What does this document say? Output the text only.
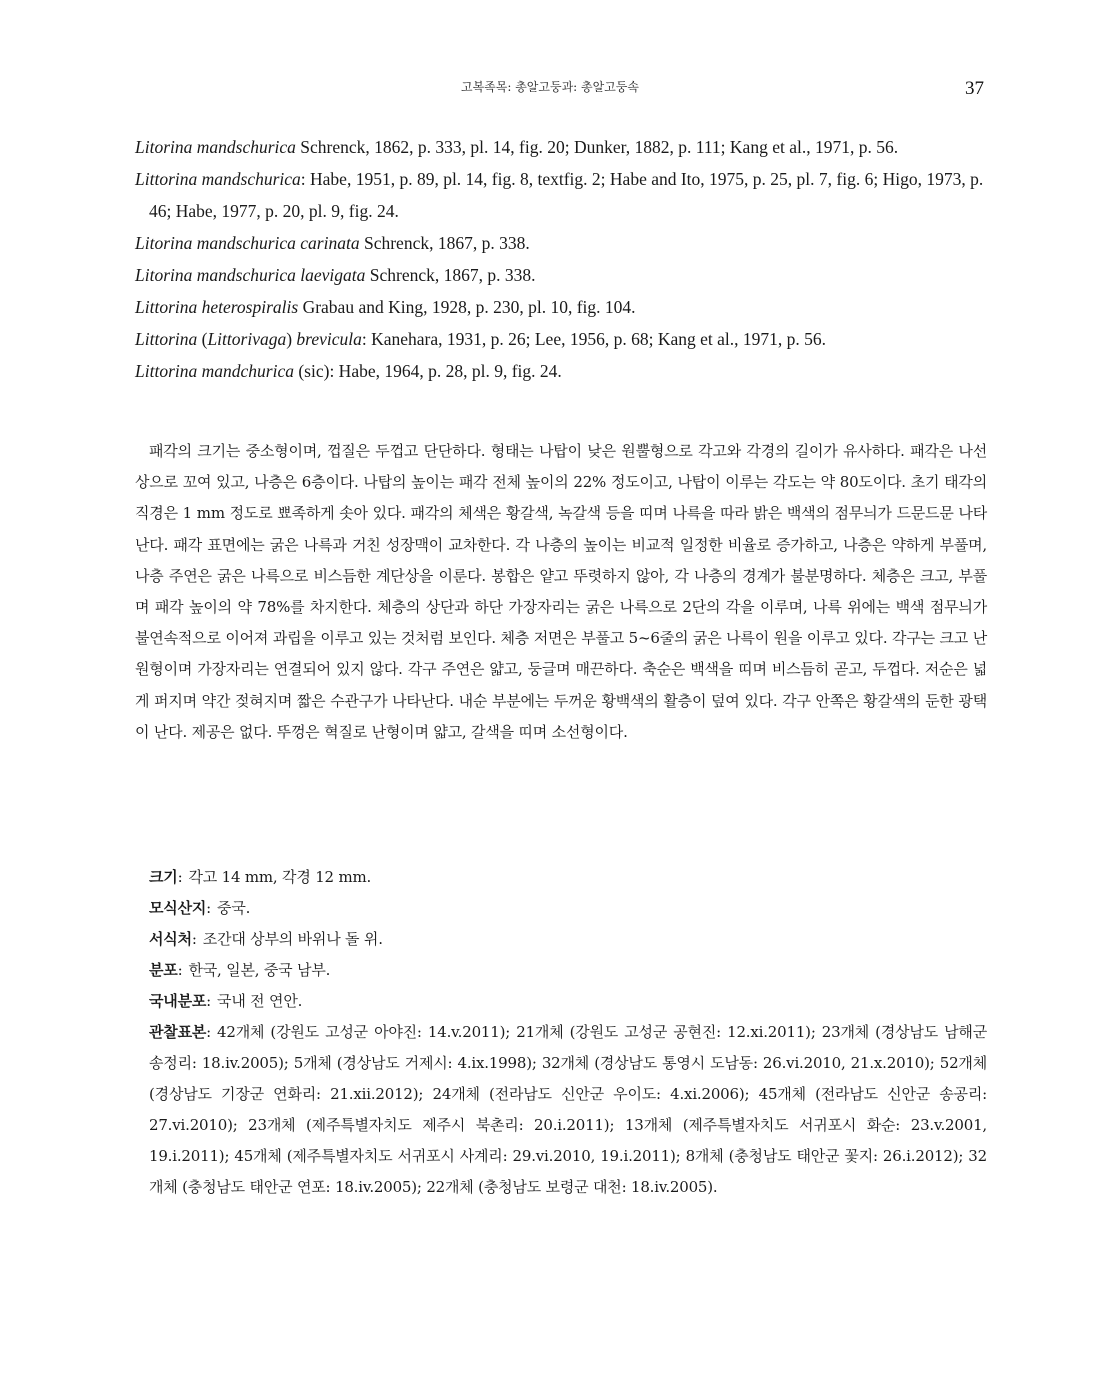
고복족목: 총알고둥과: 총알고둥속	37
Litorina mandschurica Schrenck, 1862, p. 333, pl. 14, fig. 20; Dunker, 1882, p. 111; Kang et al., 1971, p. 56.
Littorina mandschurica: Habe, 1951, p. 89, pl. 14, fig. 8, textfig. 2; Habe and Ito, 1975, p. 25, pl. 7, fig. 6; Higo, 1973, p. 46; Habe, 1977, p. 20, pl. 9, fig. 24.
Litorina mandschurica carinata Schrenck, 1867, p. 338.
Litorina mandschurica laevigata Schrenck, 1867, p. 338.
Littorina heterospiralis Grabau and King, 1928, p. 230, pl. 10, fig. 104.
Littorina (Littorivaga) brevicula: Kanehara, 1931, p. 26; Lee, 1956, p. 68; Kang et al., 1971, p. 56.
Littorina mandchurica (sic): Habe, 1964, p. 28, pl. 9, fig. 24.

패각의 크기는 중소형이며, 껍질은 두껍고 단단하다. 형태는 나탑이 낮은 원뿔형으로 각고와 각경의 길이가 유사하다. 패각은 나선상으로 꼬여 있고, 나층은 6층이다. 나탑의 높이는 패각 전체 높이의 22% 정도이고, 나탑이 이루는 각도는 약 80도이다. 초기 태각의 직경은 1 mm 정도로 뾰족하게 솟아 있다. 패각의 체색은 황갈색, 녹갈색 등을 띠며 나륵을 따라 밝은 백색의 점무늬가 드문드문 나타난다. 패각 표면에는 굵은 나륵과 거친 성장맥이 교차한다. 각 나층의 높이는 비교적 일정한 비율로 증가하고, 나층은 약하게 부풀며, 나층 주연은 굵은 나륵으로 비스듬한 계단상을 이룬다. 봉합은 얕고 뚜렷하지 않아, 각 나층의 경계가 불분명하다. 체층은 크고, 부풀며 패각 높이의 약 78%를 차지한다. 체층의 상단과 하단 가장자리는 굵은 나륵으로 2단의 각을 이루며, 나륵 위에는 백색 점무늬가 불연속적으로 이어져 과립을 이루고 있는 것처럼 보인다. 체층 저면은 부풀고 5~6줄의 굵은 나륵이 원을 이루고 있다. 각구는 크고 난원형이며 가장자리는 연결되어 있지 않다. 각구 주연은 얇고, 둥글며 매끈하다. 축순은 백색을 띠며 비스듬히 곧고, 두껍다. 저순은 넓게 퍼지며 약간 젖혀지며 짧은 수관구가 나타난다. 내순 부분에는 두꺼운 황백색의 활층이 덮여 있다. 각구 안쪽은 황갈색의 둔한 광택이 난다. 제공은 없다. 뚜껑은 혁질로 난형이며 얇고, 갈색을 띠며 소선형이다.

크기: 각고 14 mm, 각경 12 mm.
모식산지: 중국.
서식처: 조간대 상부의 바위나 돌 위.
분포: 한국, 일본, 중국 남부.
국내분포: 국내 전 연안.
관찰표본: 42개체 (강원도 고성군 아야진: 14.v.2011); 21개체 (강원도 고성군 공현진: 12.xi.2011); 23개체 (경상남도 남해군 송정리: 18.iv.2005); 5개체 (경상남도 거제시: 4.ix.1998); 32개체 (경상남도 통영시 도남동: 26.vi.2010, 21.x.2010); 52개체 (경상남도 기장군 연화리: 21.xii.2012); 24개체 (전라남도 신안군 우이도: 4.xi.2006); 45개체 (전라남도 신안군 송공리: 27.vi.2010); 23개체 (제주특별자치도 제주시 북촌리: 20.i.2011); 13개체 (제주특별자치도 서귀포시 화순: 23.v.2001, 19.i.2011); 45개체 (제주특별자치도 서귀포시 사계리: 29.vi.2010, 19.i.2011); 8개체 (충청남도 태안군 꽃지: 26.i.2012); 32개체 (충청남도 태안군 연포: 18.iv.2005); 22개체 (충청남도 보령군 대천: 18.iv.2005).
